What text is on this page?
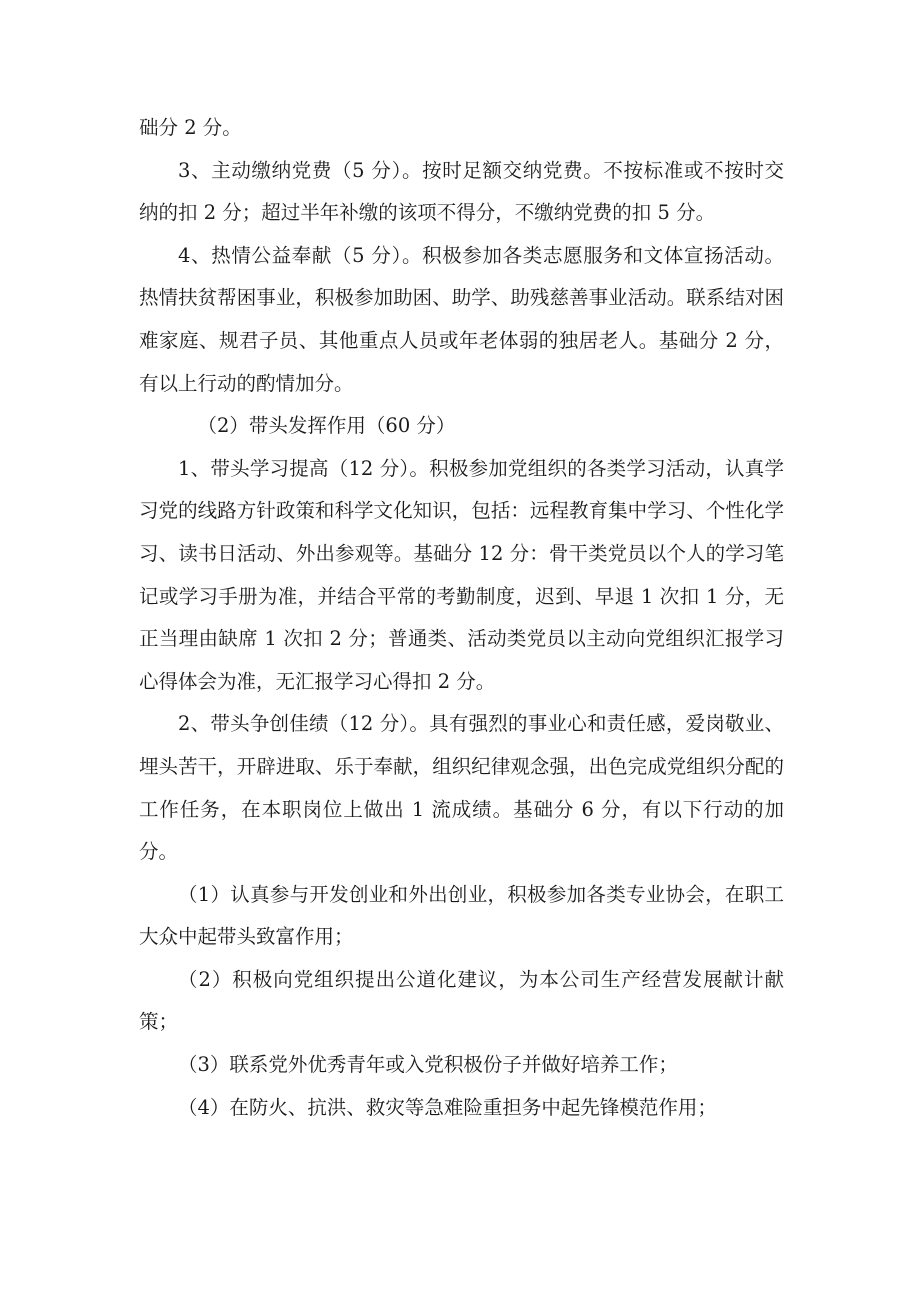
础分 2 分。

3、主动缴纳党费（5 分）。按时足额交纳党费。不按标准或不按时交纳的扣 2 分；超过半年补缴的该项不得分，不缴纳党费的扣 5 分。

4、热情公益奉献（5 分）。积极参加各类志愿服务和文体宣扬活动。热情扶贫帮困事业，积极参加助困、助学、助残慈善事业活动。联系结对困难家庭、规君子员、其他重点人员或年老体弱的独居老人。基础分 2 分，有以上行动的酌情加分。

（2）带头发挥作用（60 分）

1、带头学习提高（12 分）。积极参加党组织的各类学习活动，认真学习党的线路方针政策和科学文化知识，包括：远程教育集中学习、个性化学习、读书日活动、外出参观等。基础分 12 分：骨干类党员以个人的学习笔记或学习手册为准，并结合平常的考勤制度，迟到、早退 1 次扣 1 分，无正当理由缺席 1 次扣 2 分；普通类、活动类党员以主动向党组织汇报学习心得体会为准，无汇报学习心得扣 2 分。

2、带头争创佳绩（12 分）。具有强烈的事业心和责任感，爱岗敬业、埋头苦干，开辟进取、乐于奉献，组织纪律观念强，出色完成党组织分配的工作任务，在本职岗位上做出 1 流成绩。基础分 6 分，有以下行动的加分。

（1）认真参与开发创业和外出创业，积极参加各类专业协会，在职工大众中起带头致富作用；

（2）积极向党组织提出公道化建议，为本公司生产经营发展献计献策；

（3）联系党外优秀青年或入党积极份子并做好培养工作；

（4）在防火、抗洪、救灾等急难险重担务中起先锋模范作用；
